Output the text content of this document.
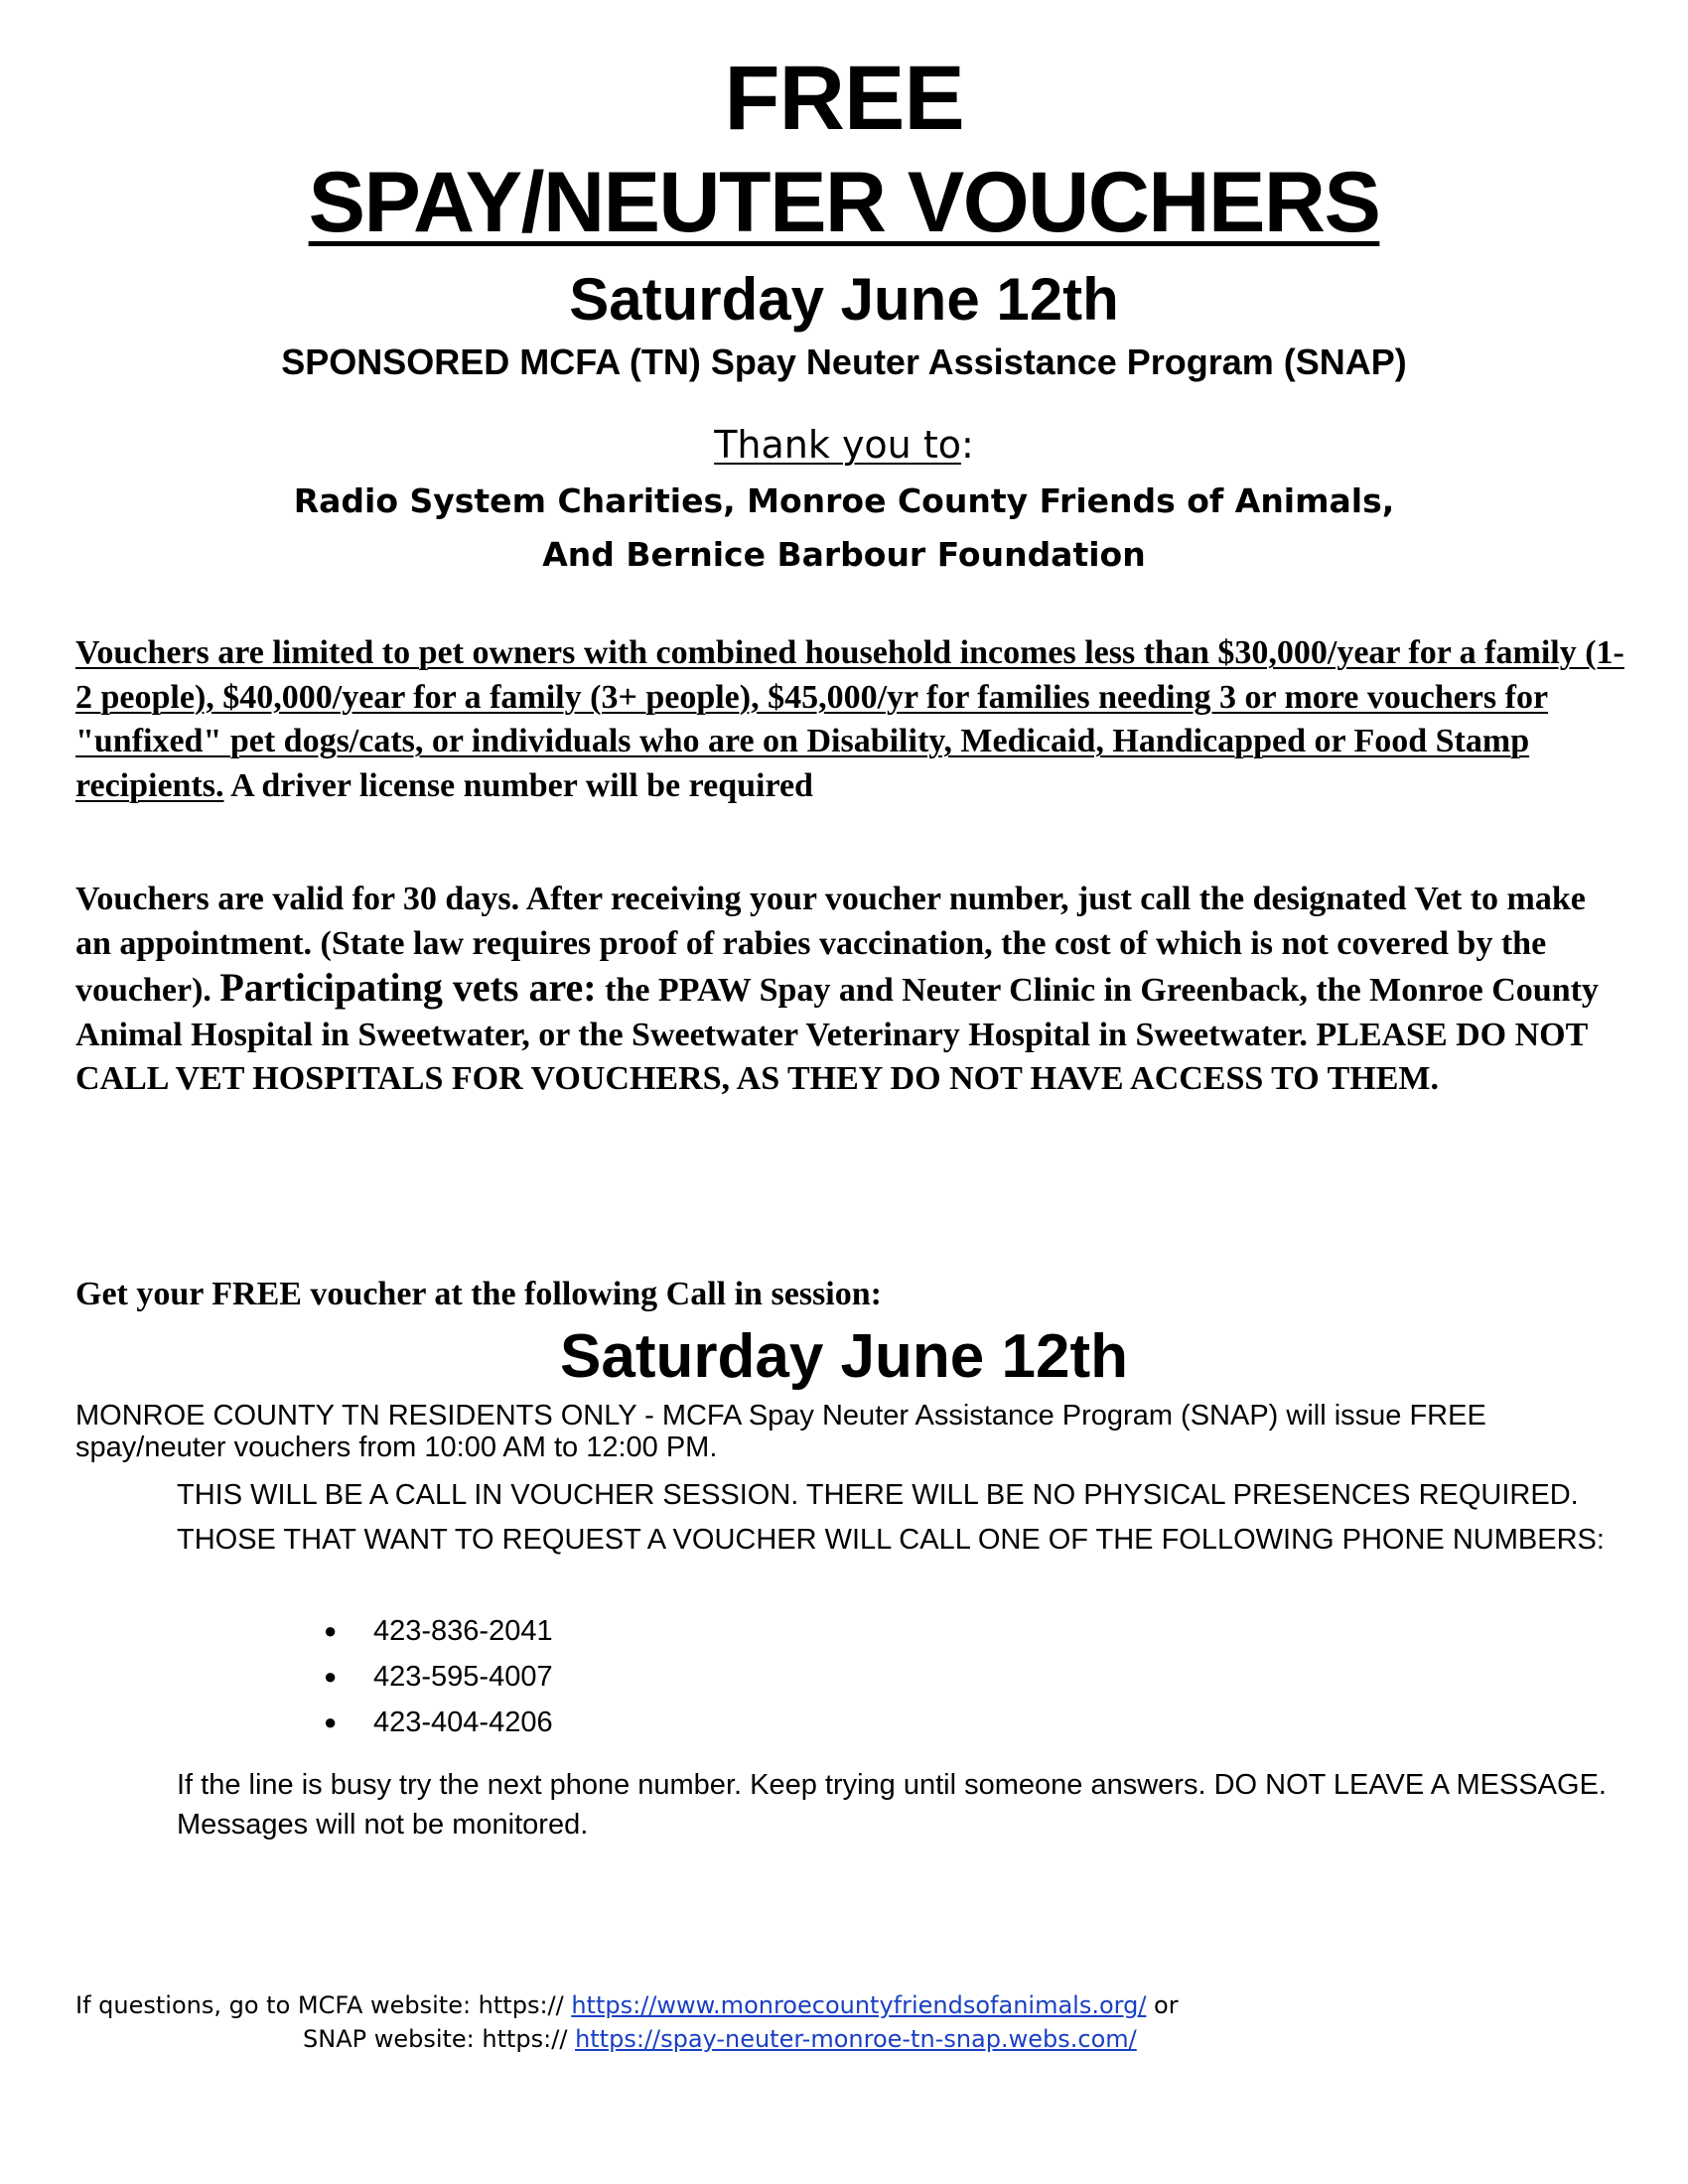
FREE
SPAY/NEUTER VOUCHERS
Saturday June 12th
SPONSORED MCFA (TN) Spay Neuter Assistance Program (SNAP)
Thank you to:
Radio System Charities, Monroe County Friends of Animals,
And Bernice Barbour Foundation
Vouchers are limited to pet owners with combined household incomes less than $30,000/year for a family (1-2 people), $40,000/year for a family (3+ people), $45,000/yr for families needing 3 or more vouchers for "unfixed" pet dogs/cats, or individuals who are on Disability, Medicaid, Handicapped or Food Stamp recipients. A driver license number will be required
Vouchers are valid for 30 days. After receiving your voucher number, just call the designated Vet to make an appointment. (State law requires proof of rabies vaccination, the cost of which is not covered by the voucher). Participating vets are: the PPAW Spay and Neuter Clinic in Greenback, the Monroe County Animal Hospital in Sweetwater, or the Sweetwater Veterinary Hospital in Sweetwater. PLEASE DO NOT CALL VET HOSPITALS FOR VOUCHERS, AS THEY DO NOT HAVE ACCESS TO THEM.
Get your FREE voucher at the following Call in session:
Saturday June 12th
MONROE COUNTY TN RESIDENTS ONLY - MCFA Spay Neuter Assistance Program (SNAP) will issue FREE spay/neuter vouchers from 10:00 AM to 12:00 PM.
THIS WILL BE A CALL IN VOUCHER SESSION. THERE WILL BE NO PHYSICAL PRESENCES REQUIRED. THOSE THAT WANT TO REQUEST A VOUCHER WILL CALL ONE OF THE FOLLOWING PHONE NUMBERS:
● 423-836-2041
● 423-595-4007
● 423-404-4206
If the line is busy try the next phone number. Keep trying until someone answers. DO NOT LEAVE A MESSAGE. Messages will not be monitored.
If questions, go to MCFA website: https:// https://www.monroecountyfriendsofanimals.org/ or
SNAP website: https:// https://spay-neuter-monroe-tn-snap.webs.com/
